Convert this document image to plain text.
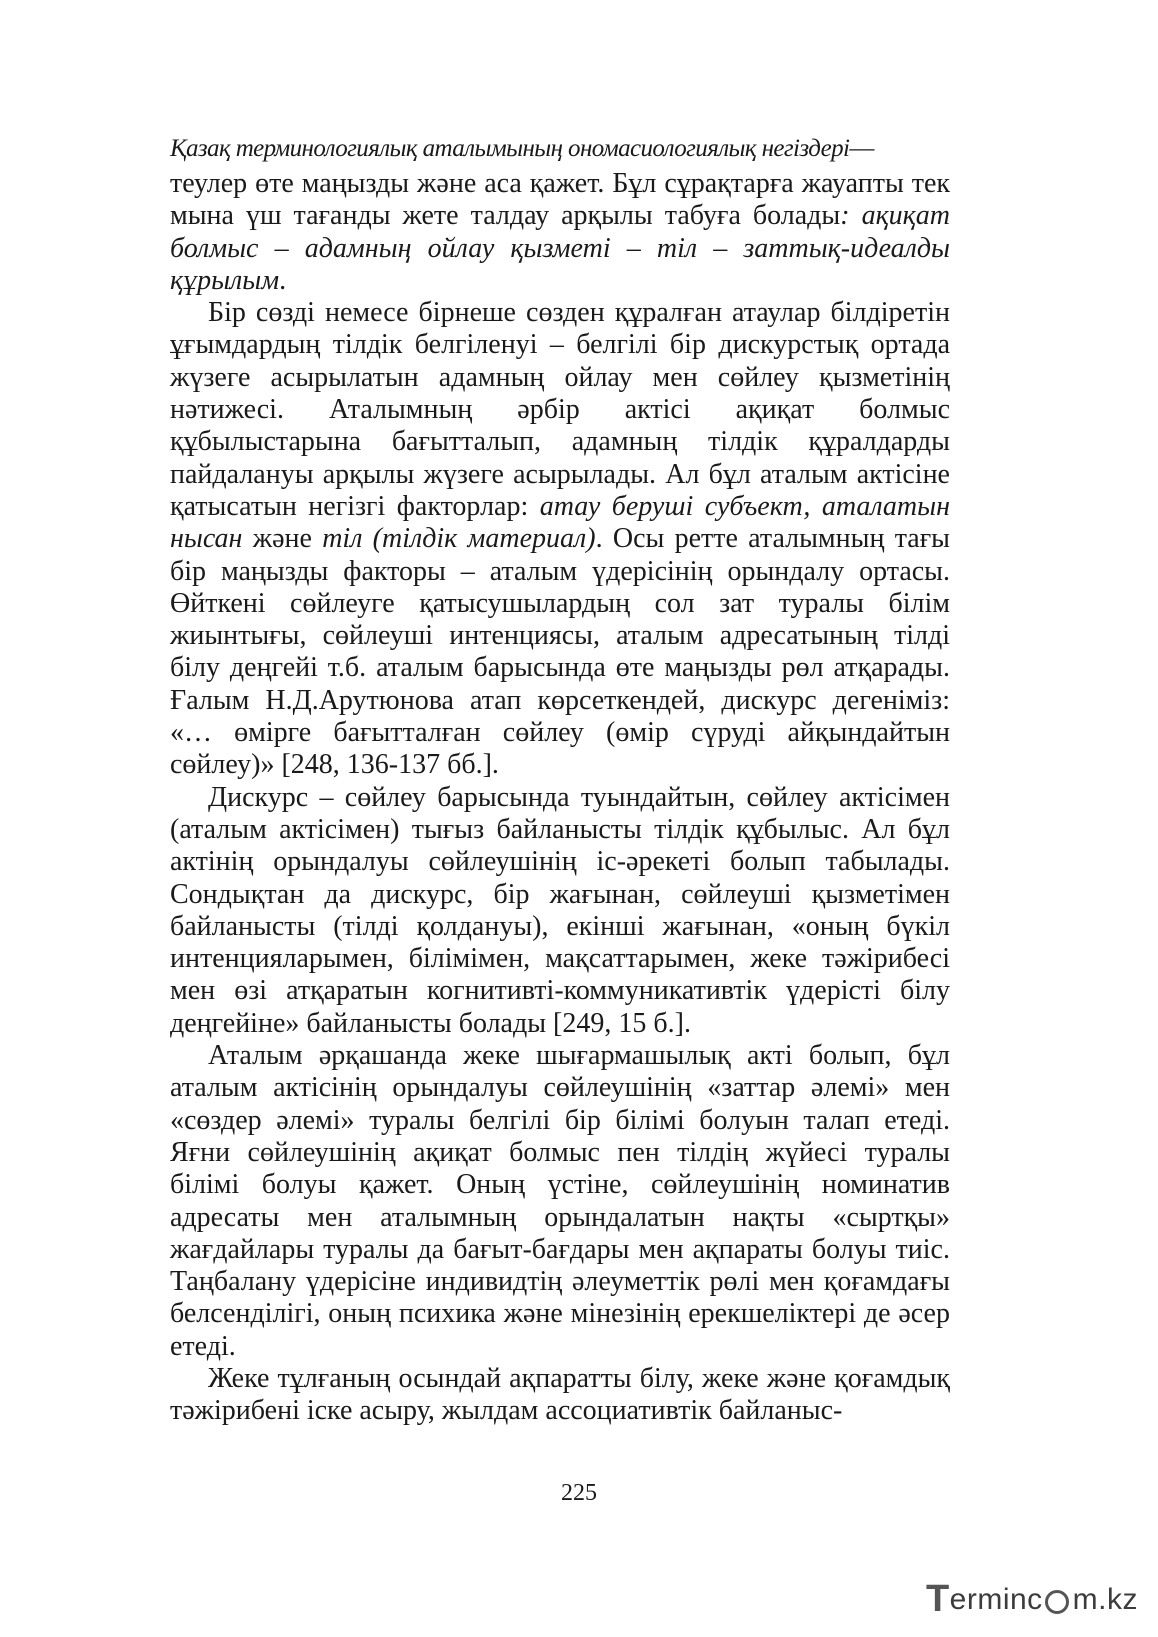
Қазақ терминологиялық аталымының ономасиологиялық негіздері—

теулер өте маңызды және аса қажет. Бұл сұрақтарға жауапты тек мына үш тағанды жете талдау арқылы табуға болады: ақиқат болмыс – адамның ойлау қызметі – тіл – заттық-идеалды құрылым.

Бір сөзді немесе бірнеше сөзден құралған атаулар білдіретін ұғымдардың тілдік белгіленуі – белгілі бір дискурстық ортада жүзеге асырылатын адамның ойлау мен сөйлеу қызметінің нәтижесі. Аталымның әрбір актісі ақиқат болмыс құбылыстарына бағытталып, адамның тілдік құралдарды пайдалануы арқылы жүзеге асырылады. Ал бұл аталым актісіне қатысатын негізгі факторлар: атау беруші субъект, аталатын нысан және тіл (тілдік материал). Осы ретте аталымның тағы бір маңызды факторы – аталым үдерісінің орындалу ортасы. Өйткені сөйлеуге қатысушылардың сол зат туралы білім жиынтығы, сөйлеуші интенциясы, аталым адресатының тілді білу деңгейі т.б. аталым барысында өте маңызды рөл атқарады. Ғалым Н.Д.Арутюнова атап көрсеткендей, дискурс дегеніміз: «… өмірге бағытталған сөйлеу (өмір сүруді айқындайтын сөйлеу)» [248, 136-137 бб.].

Дискурс – сөйлеу барысында туындайтын, сөйлеу актісімен (аталым актісімен) тығыз байланысты тілдік құбылыс. Ал бұл актінің орындалуы сөйлеушінің іс-әрекеті болып табылады. Сондықтан да дискурс, бір жағынан, сөйлеуші қызметімен байланысты (тілді қолдануы), екінші жағынан, «оның бүкіл интенцияларымен, білімімен, мақсаттарымен, жеке тәжірибесі мен өзі атқаратын когнитивті-коммуникативтік үдерісті білу деңгейіне» байланысты болады [249, 15 б.].

Аталым әрқашанда жеке шығармашылық акті болып, бұл аталым актісінің орындалуы сөйлеушінің «заттар әлемі» мен «сөздер әлемі» туралы белгілі бір білімі болуын талап етеді. Яғни сөйлеушінің ақиқат болмыс пен тілдің жүйесі туралы білімі болуы қажет. Оның үстіне, сөйлеушінің номинатив адресаты мен аталымның орындалатын нақты «сыртқы» жағдайлары туралы да бағыт-бағдары мен ақпараты болуы тиіс. Таңбалану үдерісіне индивидтің әлеуметтік рөлі мен қоғамдағы белсенділігі, оның психика және мінезінің ерекшеліктері де әсер етеді.

Жеке тұлғаның осындай ақпаратты білу, жеке және қоғамдық тәжірибені іске асыру, жылдам ассоциативтік байланыс-

225
T erminc m.kz
